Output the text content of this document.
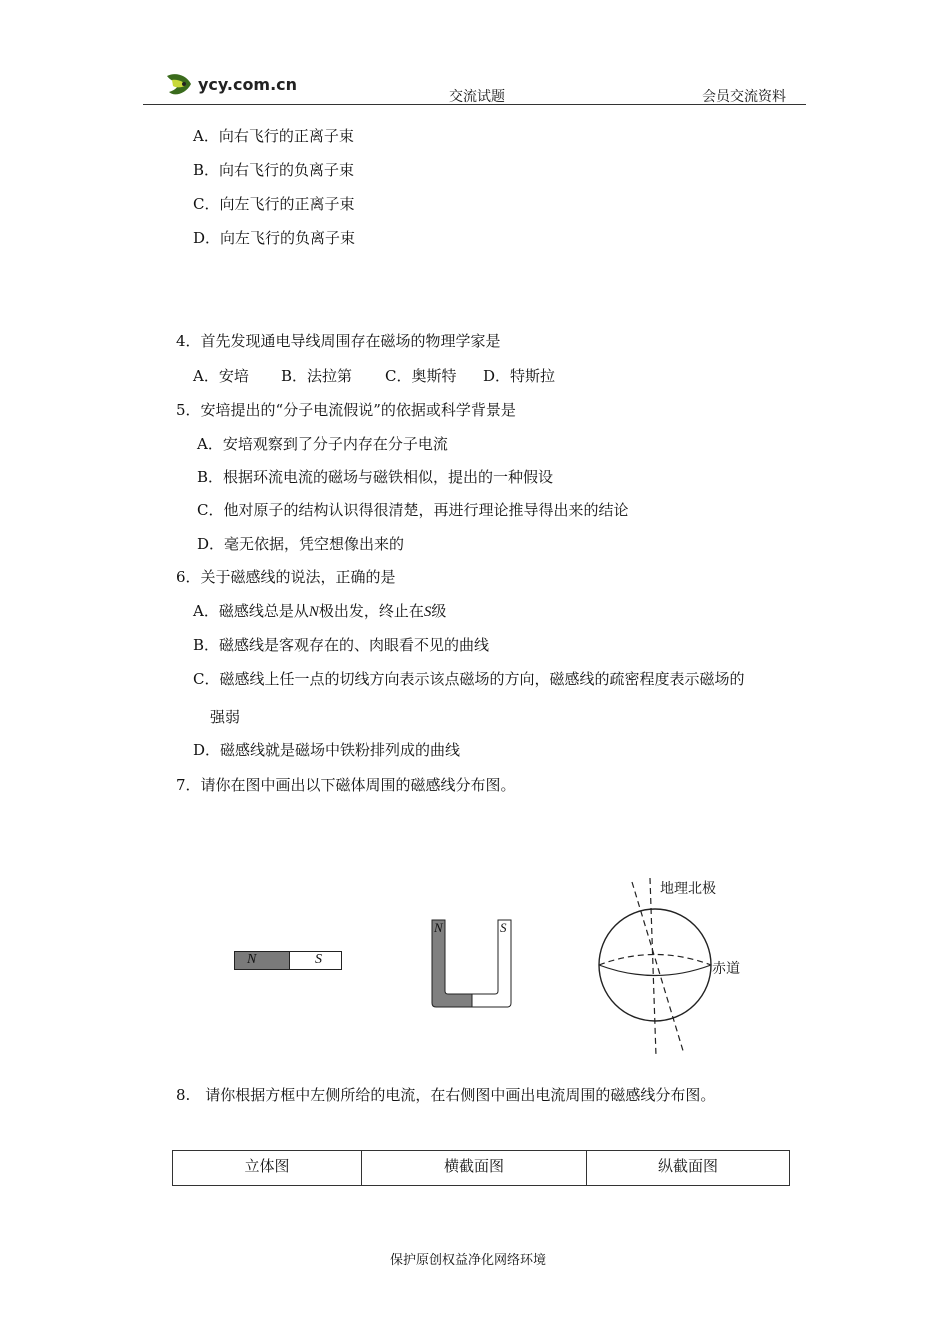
ycy.com.cn
交流试题	会员交流资料
A．向右飞行的正离子束
B．向右飞行的负离子束
C．向左飞行的正离子束
D．向左飞行的负离子束
4．首先发现通电导线周围存在磁场的物理学家是
A．安培 B．法拉第 C．奥斯特 D．特斯拉
5．安培提出的“分子电流假说”的依据或科学背景是
A．安培观察到了分子内存在分子电流
B．根据环流电流的磁场与磁铁相似，提出的一种假设
C．他对原子的结构认识得很清楚，再进行理论推导得出来的结论
D．毫无依据，凭空想像出来的
6．关于磁感线的说法，正确的是
A．磁感线总是从N极出发，终止在S级
B．磁感线是客观存在的、肉眼看不见的曲线
C．磁感线上任一点的切线方向表示该点磁场的方向，磁感线的疏密程度表示磁场的
强弱
D．磁感线就是磁场中铁粉排列成的曲线
7．请你在图中画出以下磁体周围的磁感线分布图。
N	S
N	S
地理北极
赤道
8.　请你根据方框中左侧所给的电流，在右侧图中画出电流周围的磁感线分布图。
立体图	横截面图	纵截面图
保护原创权益净化网络环境
